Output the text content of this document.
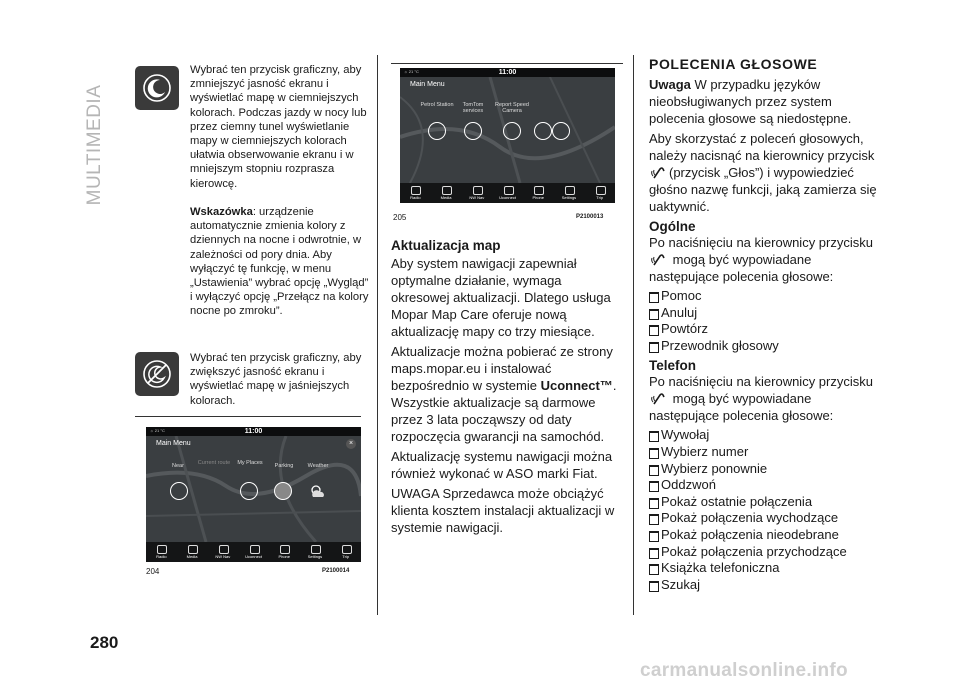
MULTIMEDIA
280
Wybrać ten przycisk graficzny, aby zmniejszyć jasność ekranu i wyświetlać mapę w ciemniejszych kolorach. Podczas jazdy w nocy lub przez ciemny tunel wyświetlanie mapy w ciemniejszych kolorach ułatwia obserwowanie ekranu i w mniejszym stopniu rozprasza kierowcę.
Wskazówka: urządzenie automatycznie zmienia kolory z dziennych na nocne i odwrotnie, w zależności od pory dnia. Aby wyłączyć tę funkcję, w menu „Ustawienia” wybrać opcję „Wygląd” i wyłączyć opcję „Przełącz na kolory nocne po zmroku”.
Wybrać ten przycisk graficzny, aby zwiększyć jasność ekranu i wyświetlać mapę w jaśniejszych kolorach.
☼ 21 °C	11:00
Main Menu	×
Near	Current route	My Places	Parking	Weather
Radio	Media	NW Nav	Uconnect	Phone	Settings	Trip
204	P2100014
☼ 21 °C	11:00
Main Menu
Petrol Station	TomTom services
Report Speed Camera
Radio	Media	NW Nav	Uconnect	Phone	Settings	Trip
205	P2100013
Aktualizacja map

Aby system nawigacji zapewniał optymalne działanie, wymaga okresowej aktualizacji. Dlatego usługa Mopar Map Care oferuje nową aktualizację mapy co trzy miesiące.

Aktualizacje można pobierać ze strony maps.mopar.eu i instalować bezpośrednio w systemie Uconnect™. Wszystkie aktualizacje są darmowe przez 3 lata począwszy od daty rozpoczęcia gwarancji na samochód.

Aktualizację systemu nawigacji można również wykonać w ASO marki Fiat.

UWAGA Sprzedawca może obciążyć klienta kosztem instalacji aktualizacji w systemie nawigacji.

POLECENIA GŁOSOWE

Uwaga W przypadku języków nieobsługiwanych przez system polecenia głosowe są niedostępne.

Aby skorzystać z poleceń głosowych, należy nacisnąć na kierownicy przycisk (przycisk „Głos”) i wypowiedzieć głośno nazwę funkcji, jaką zamierza się uaktywnić.

Ogólne

Po naciśnięciu na kierownicy przycisku  mogą być wypowiadane następujące polecenia głosowe:

Pomoc
Anuluj
Powtórz
Przewodnik głosowy
Telefon

Po naciśnięciu na kierownicy przycisku  mogą być wypowiadane następujące polecenia głosowe:

Wywołaj
Wybierz numer
Wybierz ponownie
Oddzwoń
Pokaż ostatnie połączenia
Pokaż połączenia wychodzące
Pokaż połączenia nieodebrane
Pokaż połączenia przychodzące
Książka telefoniczna
Szukaj
carmanualsonline.info
